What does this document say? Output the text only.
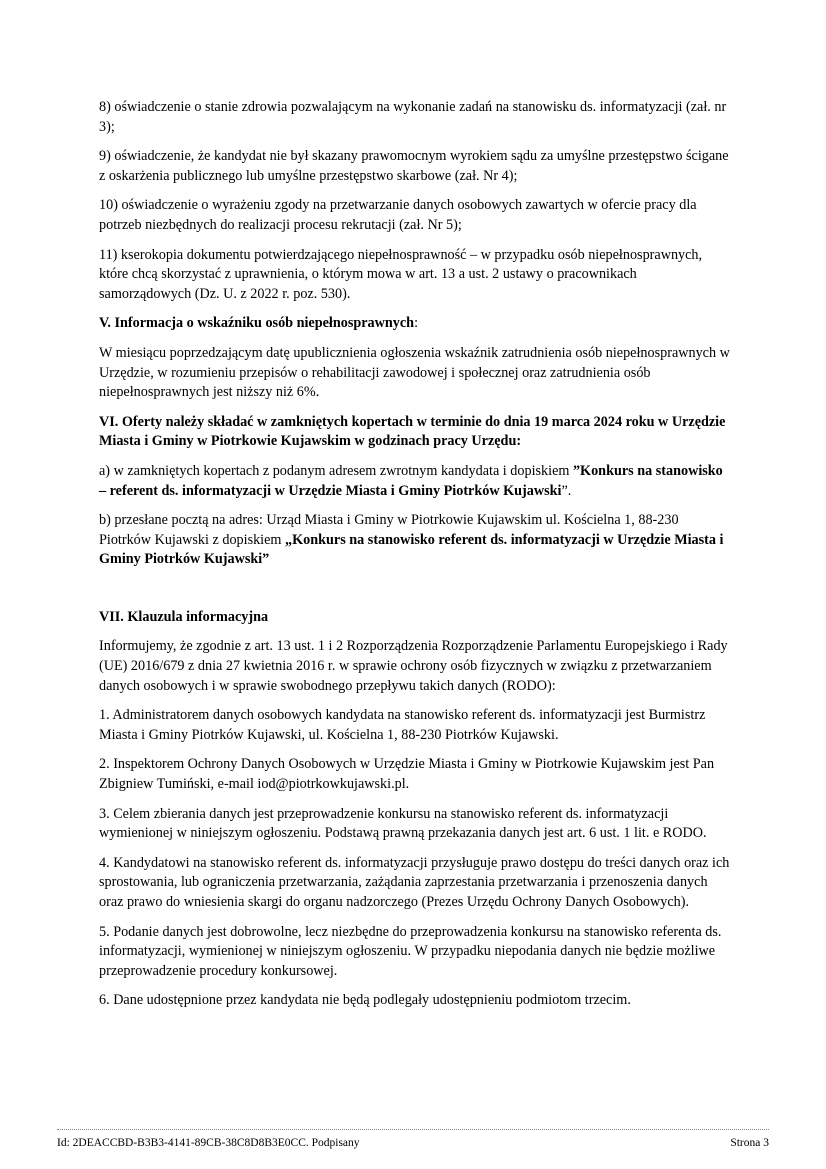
8) oświadczenie o stanie zdrowia pozwalającym na wykonanie zadań na stanowisku ds. informatyzacji (zał. nr 3);

9) oświadczenie, że kandydat nie był skazany prawomocnym wyrokiem sądu za umyślne przestępstwo ścigane z oskarżenia publicznego lub umyślne przestępstwo skarbowe (zał. Nr 4);

10) oświadczenie o wyrażeniu zgody na przetwarzanie danych osobowych zawartych w ofercie pracy dla potrzeb niezbędnych do realizacji procesu rekrutacji (zał. Nr 5);

11) kserokopia dokumentu potwierdzającego niepełnosprawność – w przypadku osób niepełnosprawnych, które chcą skorzystać z uprawnienia, o którym mowa w art. 13 a ust. 2 ustawy o pracownikach samorządowych (Dz. U. z 2022 r. poz. 530).

V. Informacja o wskaźniku osób niepełnosprawnych:

W miesiącu poprzedzającym datę upublicznienia ogłoszenia wskaźnik zatrudnienia osób niepełnosprawnych w Urzędzie, w rozumieniu przepisów o rehabilitacji zawodowej i społecznej oraz zatrudnienia osób niepełnosprawnych jest niższy niż 6%.

VI. Oferty należy składać w zamkniętych kopertach w terminie do dnia 19 marca 2024 roku w Urzędzie Miasta i Gminy w Piotrkowie Kujawskim w godzinach pracy Urzędu:

a) w zamkniętych kopertach z podanym adresem zwrotnym kandydata i dopiskiem ”Konkurs na stanowisko – referent ds. informatyzacji w Urzędzie Miasta i Gminy Piotrków Kujawski”.

b) przesłane pocztą na adres: Urząd Miasta i Gminy w Piotrkowie Kujawskim ul. Kościelna 1, 88-230 Piotrków Kujawski z dopiskiem „Konkurs na stanowisko referent ds. informatyzacji w Urzędzie Miasta i Gminy Piotrków Kujawski”

VII. Klauzula informacyjna

Informujemy, że zgodnie z art. 13 ust. 1 i 2 Rozporządzenia Rozporządzenie Parlamentu Europejskiego i Rady (UE) 2016/679 z dnia 27 kwietnia 2016 r. w sprawie ochrony osób fizycznych w związku z przetwarzaniem danych osobowych i w sprawie swobodnego przepływu takich danych (RODO):

1. Administratorem danych osobowych kandydata na stanowisko referent ds. informatyzacji jest Burmistrz Miasta i Gminy Piotrków Kujawski, ul. Kościelna 1, 88-230 Piotrków Kujawski.

2. Inspektorem Ochrony Danych Osobowych w Urzędzie Miasta i Gminy w Piotrkowie Kujawskim jest Pan Zbigniew Tumiński, e-mail iod@piotrkowkujawski.pl.

3. Celem zbierania danych jest przeprowadzenie konkursu na stanowisko referent ds. informatyzacji wymienionej w niniejszym ogłoszeniu. Podstawą prawną przekazania danych jest art. 6 ust. 1 lit. e RODO.

4. Kandydatowi na stanowisko referent ds. informatyzacji przysługuje prawo dostępu do treści danych oraz ich sprostowania, lub ograniczenia przetwarzania, zażądania zaprzestania przetwarzania i przenoszenia danych oraz prawo do wniesienia skargi do organu nadzorczego (Prezes Urzędu Ochrony Danych Osobowych).

5. Podanie danych jest dobrowolne, lecz niezbędne do przeprowadzenia konkursu na stanowisko referenta ds. informatyzacji, wymienionej w niniejszym ogłoszeniu. W przypadku niepodania danych nie będzie możliwe przeprowadzenie procedury konkursowej.

6. Dane udostępnione przez kandydata nie będą podlegały udostępnieniu podmiotom trzecim.

Id: 2DEACCBD-B3B3-4141-89CB-38C8D8B3E0CC. Podpisany	Strona 3
